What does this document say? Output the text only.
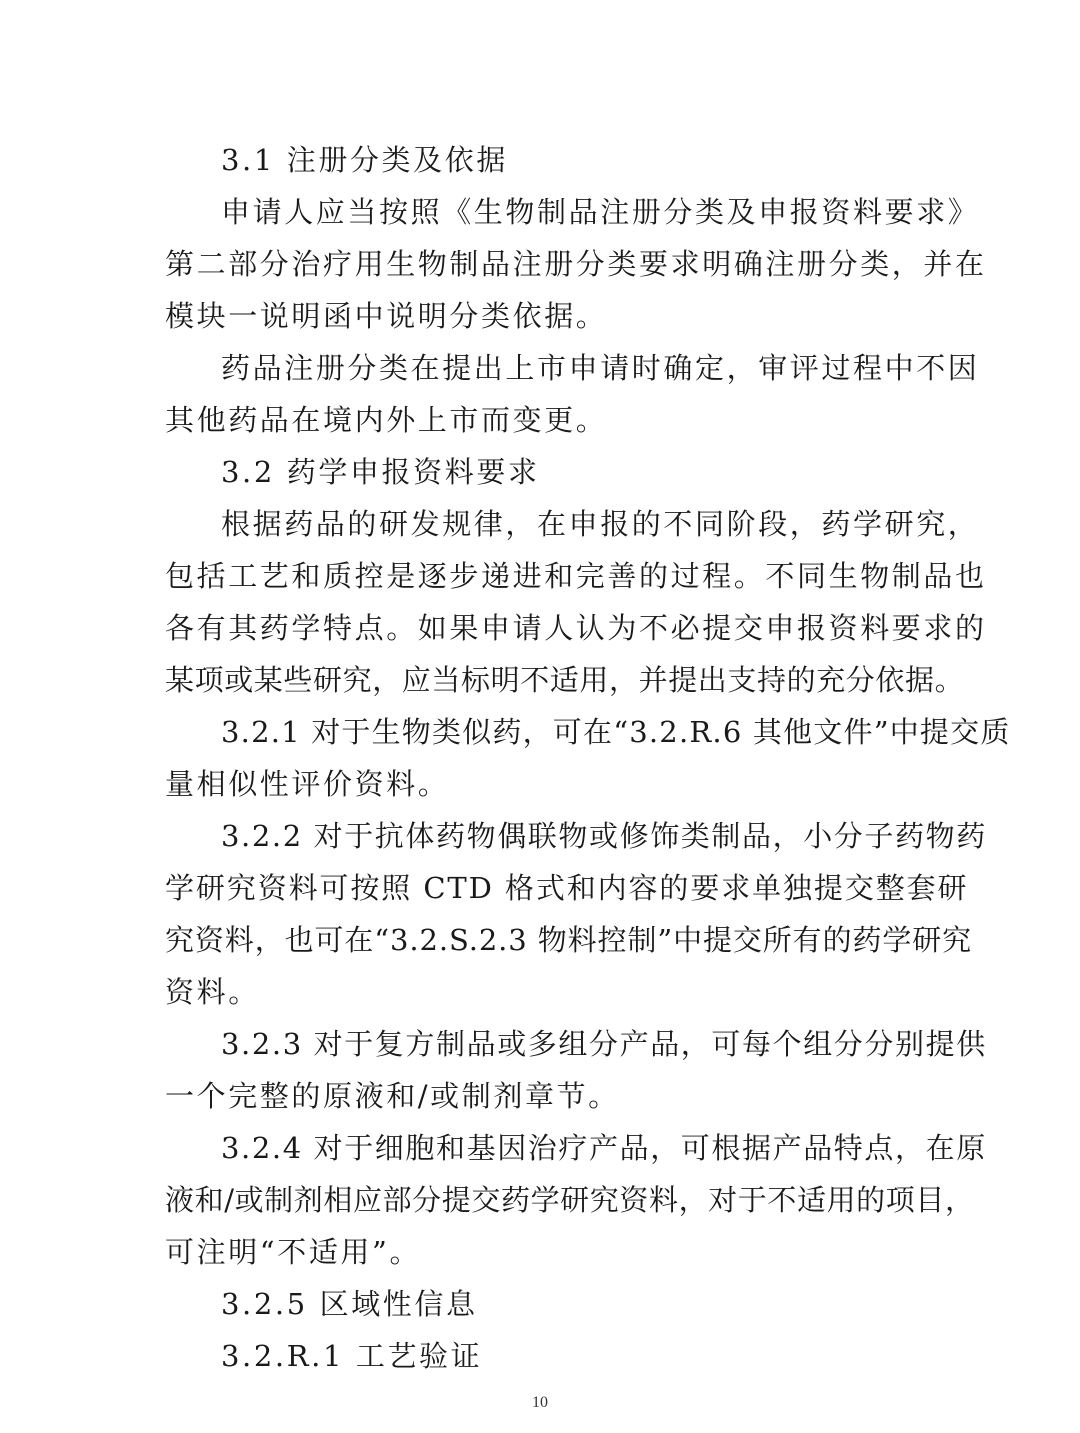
3.1 注册分类及依据

申请人应当按照《生物制品注册分类及申报资料要求》

第二部分治疗用生物制品注册分类要求明确注册分类，并在

模块一说明函中说明分类依据。

药品注册分类在提出上市申请时确定，审评过程中不因

其他药品在境内外上市而变更。

3.2 药学申报资料要求

根据药品的研发规律，在申报的不同阶段，药学研究，

包括工艺和质控是逐步递进和完善的过程。不同生物制品也

各有其药学特点。如果申请人认为不必提交申报资料要求的

某项或某些研究，应当标明不适用，并提出支持的充分依据。

3.2.1 对于生物类似药，可在“3.2.R.6 其他文件”中提交质

量相似性评价资料。

3.2.2 对于抗体药物偶联物或修饰类制品，小分子药物药

学研究资料可按照 CTD 格式和内容的要求单独提交整套研

究资料，也可在“3.2.S.2.3 物料控制”中提交所有的药学研究

资料。

3.2.3 对于复方制品或多组分产品，可每个组分分别提供

一个完整的原液和/或制剂章节。

3.2.4 对于细胞和基因治疗产品，可根据产品特点，在原

液和/或制剂相应部分提交药学研究资料，对于不适用的项目，

可注明“不适用”。

3.2.5 区域性信息

3.2.R.1 工艺验证

10
